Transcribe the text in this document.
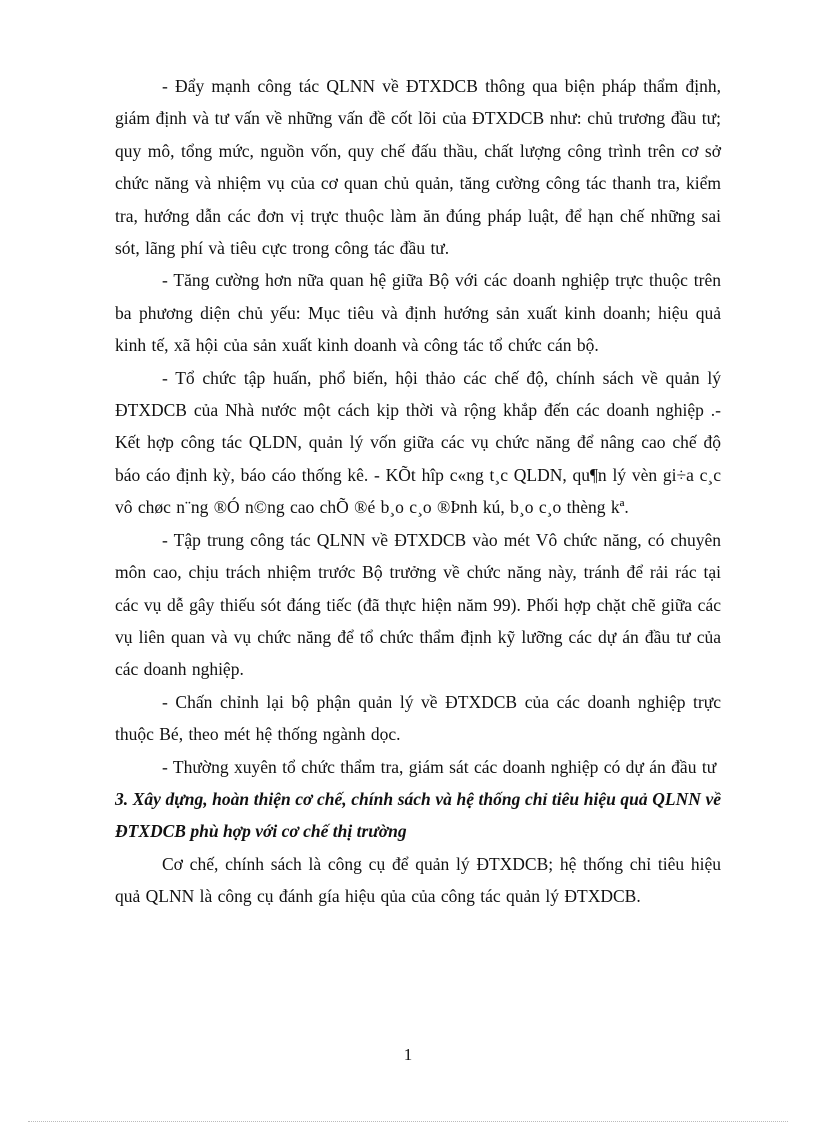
- Đẩy mạnh công tác QLNN về ĐTXDCB thông qua biện pháp thẩm định, giám định và tư vấn về những vấn đề cốt lõi của ĐTXDCB như: chủ trương đầu tư; quy mô, tổng mức, nguồn vốn, quy chế đấu thầu, chất lượng công trình trên cơ sở chức năng và nhiệm vụ của cơ quan chủ quản, tăng cường công tác thanh tra, kiểm tra, hướng dẫn các đơn vị trực thuộc làm ăn đúng pháp luật, để hạn chế những sai sót, lãng phí và tiêu cực trong công tác đầu tư.

- Tăng cường hơn nữa quan hệ giữa Bộ với các doanh nghiệp trực thuộc trên ba phương diện chủ yếu: Mục tiêu và định hướng sản xuất kinh doanh; hiệu quả kinh tế, xã hội của sản xuất kinh doanh và công tác tổ chức cán bộ.

- Tổ chức tập huấn, phổ biến, hội thảo các chế độ, chính sách về quản lý ĐTXDCB của Nhà nước một cách kịp thời và rộng khắp đến các doanh nghiệp .- Kết hợp công tác QLDN, quản lý vốn giữa các vụ chức năng để nâng cao chế độ báo cáo định kỳ, báo cáo thống kê. - KÕt hîp c«ng t¸c QLDN, qu¶n lý vèn gi÷a c¸c vô chøc n¨ng ®Ó n©ng cao chÕ ®é b¸o c¸o ®Þnh kú, b¸o c¸o thèng kª.

- Tập trung công tác QLNN về ĐTXDCB vào mét Vô chức năng, có chuyên môn cao, chịu trách nhiệm trước Bộ trưởng về chức năng này, tránh để rải rác tại các vụ dễ gây thiếu sót đáng tiếc (đã thực hiện năm 99). Phối hợp chặt chẽ giữa các vụ liên quan và vụ chức năng để tổ chức thẩm định kỹ lưỡng các dự án đầu tư của các doanh nghiệp.

- Chấn chỉnh lại bộ phận quản lý về ĐTXDCB của các doanh nghiệp trực thuộc Bé, theo mét hệ thống ngành dọc.

- Thường xuyên tổ chức thẩm tra, giám sát các doanh nghiệp có dự án đầu tư

3. Xây dựng, hoàn thiện cơ chế, chính sách và hệ thống chỉ tiêu hiệu quả QLNN về ĐTXDCB phù hợp với cơ chế thị trường

Cơ chế, chính sách là công cụ để quản lý ĐTXDCB; hệ thống chỉ tiêu hiệu quả QLNN là công cụ đánh gía hiệu qủa của công tác quản lý ĐTXDCB.

1
